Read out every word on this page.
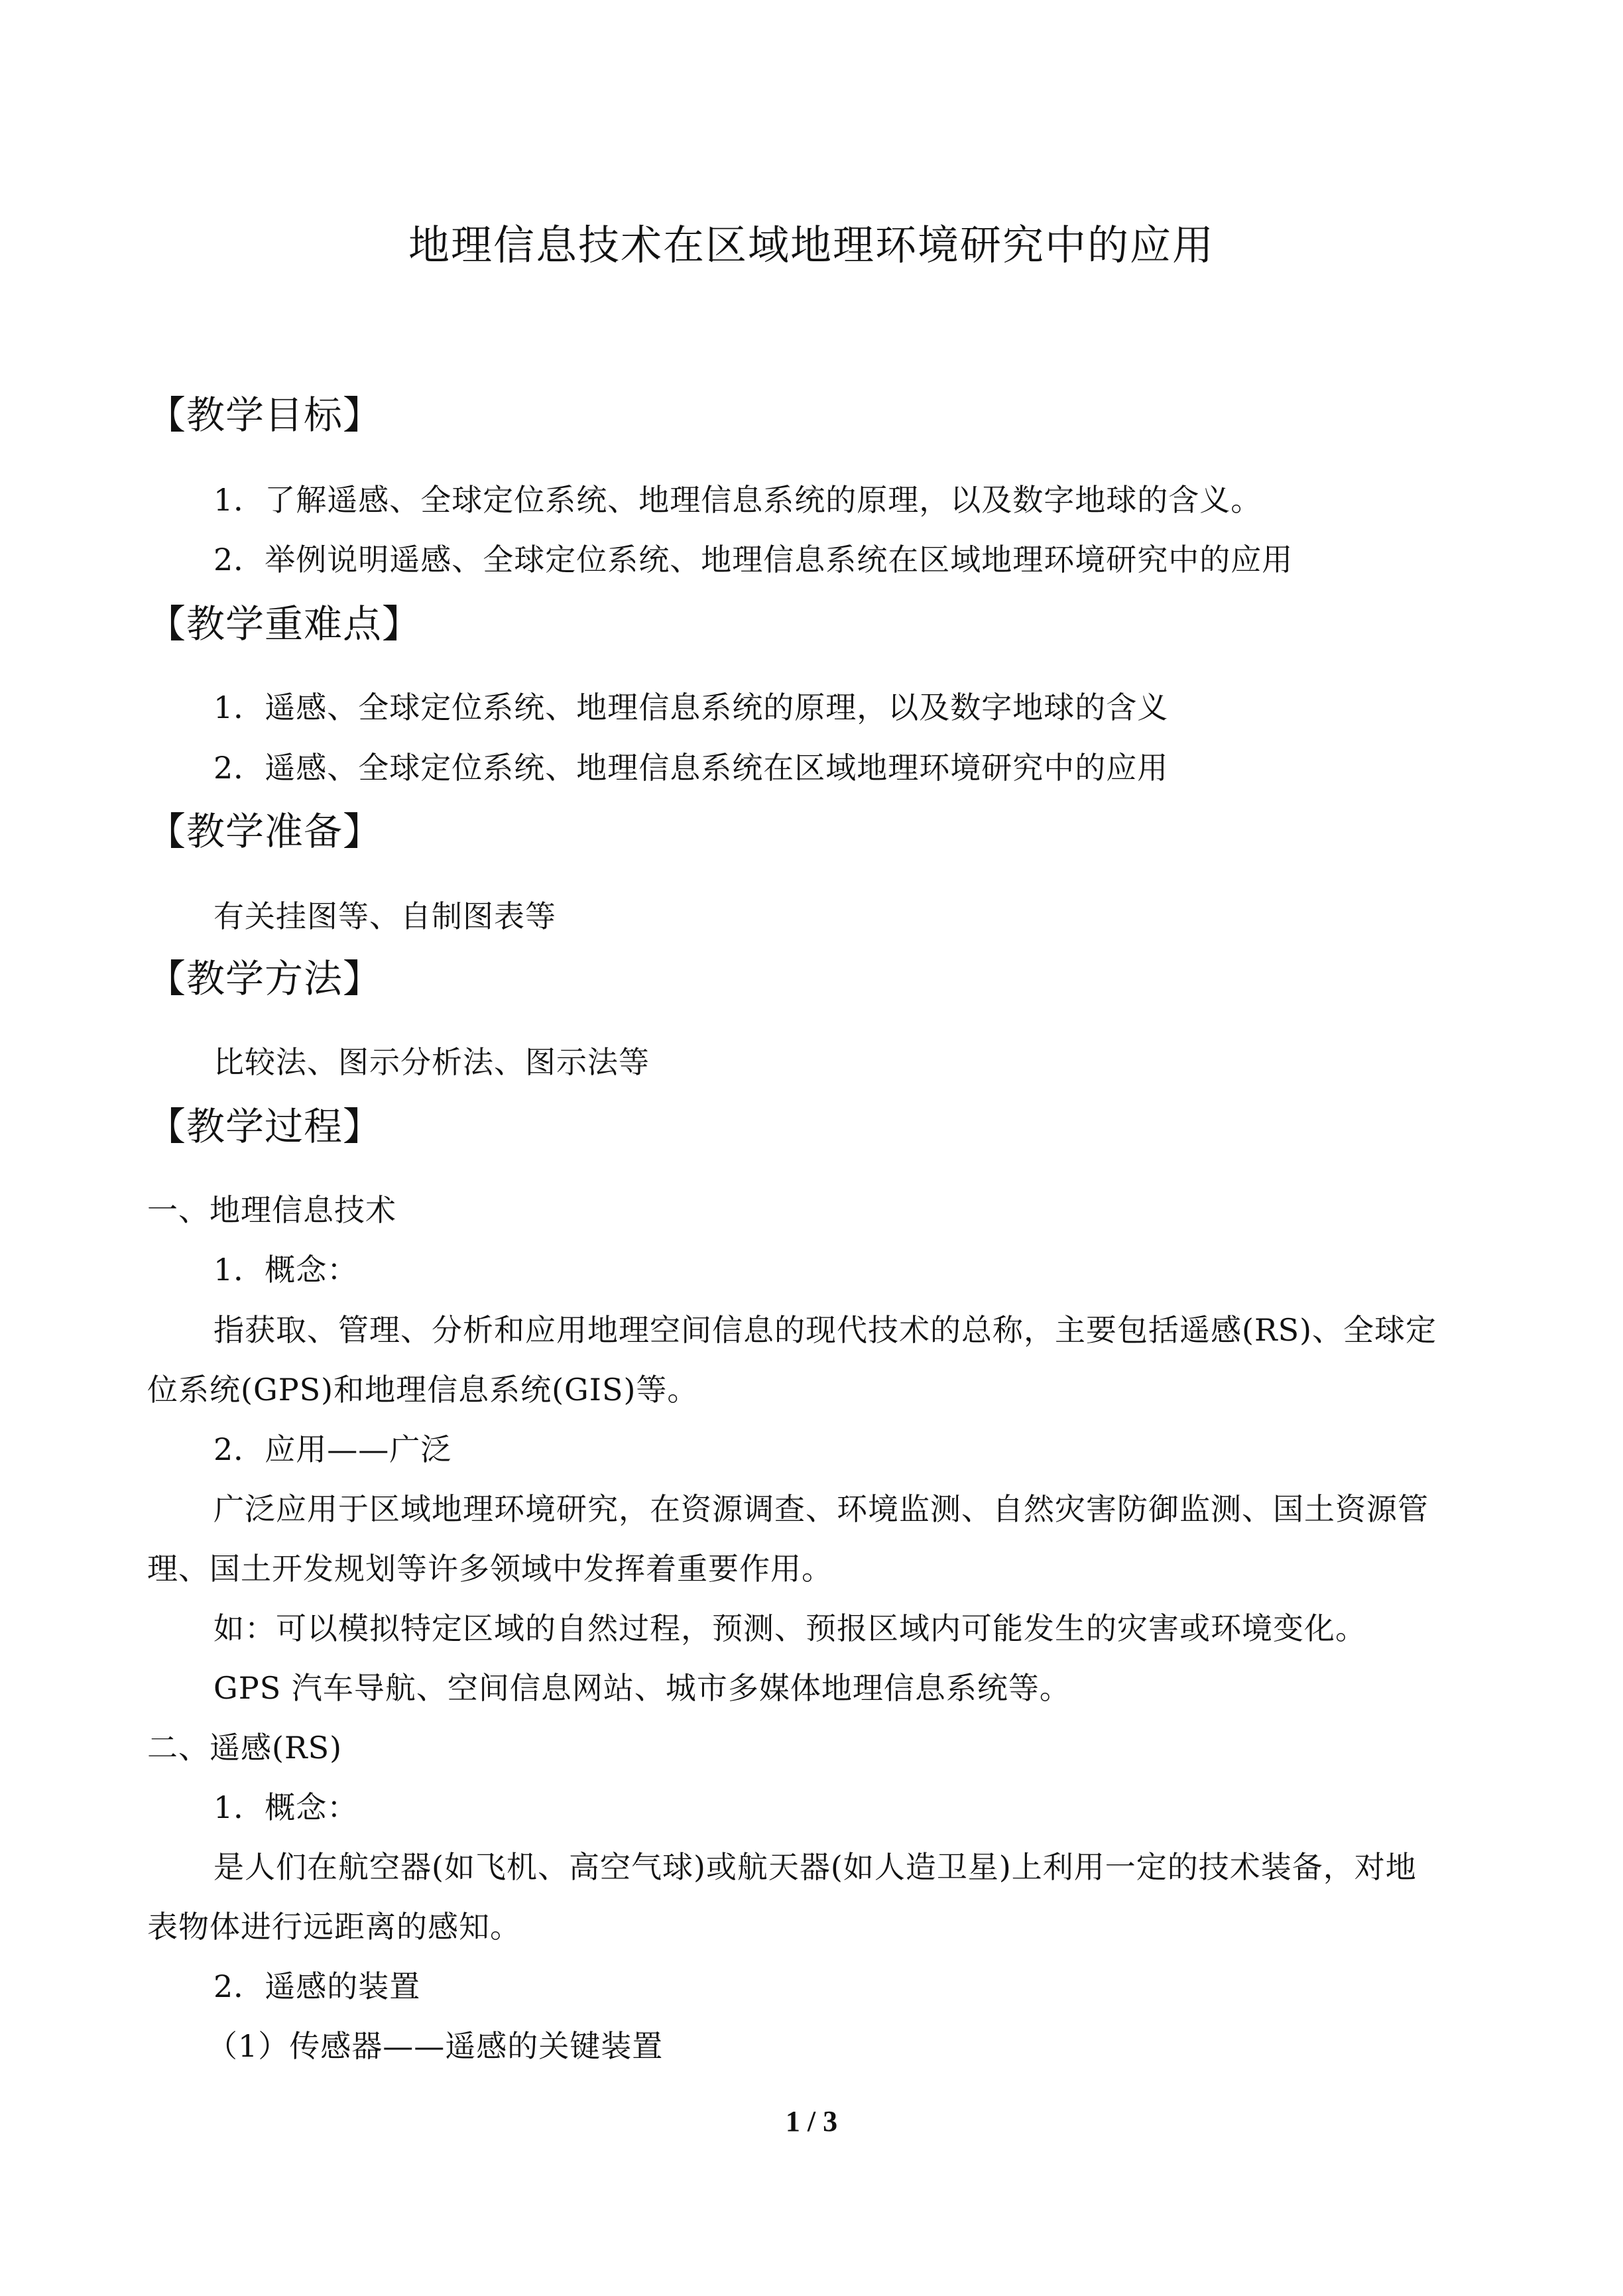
地理信息技术在区域地理环境研究中的应用
【教学目标】
1．了解遥感、全球定位系统、地理信息系统的原理，以及数字地球的含义。
2．举例说明遥感、全球定位系统、地理信息系统在区域地理环境研究中的应用
【教学重难点】
1．遥感、全球定位系统、地理信息系统的原理，以及数字地球的含义
2．遥感、全球定位系统、地理信息系统在区域地理环境研究中的应用
【教学准备】
有关挂图等、自制图表等
【教学方法】
比较法、图示分析法、图示法等
【教学过程】
一、地理信息技术
1．概念：
指获取、管理、分析和应用地理空间信息的现代技术的总称，主要包括遥感(RS)、全球定
位系统(GPS)和地理信息系统(GIS)等。
2．应用——广泛
广泛应用于区域地理环境研究，在资源调查、环境监测、自然灾害防御监测、国土资源管
理、国土开发规划等许多领域中发挥着重要作用。
如：可以模拟特定区域的自然过程，预测、预报区域内可能发生的灾害或环境变化。
GPS 汽车导航、空间信息网站、城市多媒体地理信息系统等。
二、遥感(RS)
1．概念：
是人们在航空器(如飞机、高空气球)或航天器(如人造卫星)上利用一定的技术装备，对地
表物体进行远距离的感知。
2．遥感的装置
（1）传感器——遥感的关键装置
1 / 3
